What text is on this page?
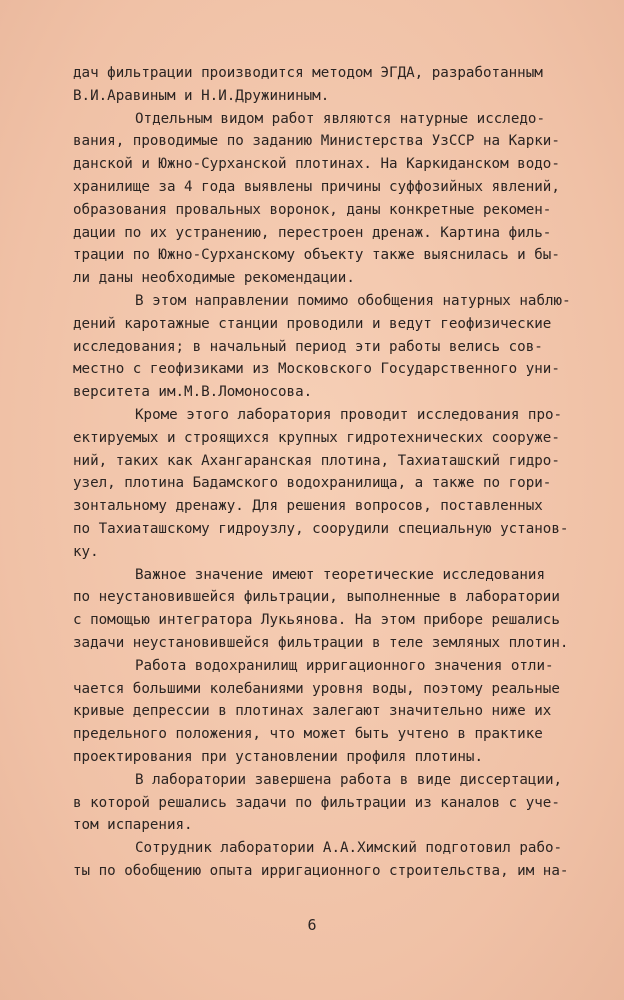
дач фильтрации производится методом ЭГДА, разработанным
В.И.Аравиным и Н.И.Дружининым.
Отдельным видом работ являются натурные исследо-
вания, проводимые по заданию Министерства УзССР на Карки-
данской и Южно-Сурханской плотинах. На Каркиданском водо-
хранилище за 4 года выявлены причины суффозийных явлений,
образования провальных воронок, даны конкретные рекомен-
дации по их устранению, перестроен дренаж. Картина филь-
трации по Южно-Сурханскому объекту также выяснилась и бы-
ли даны необходимые рекомендации.
В этом направлении помимо обобщения натурных наблю-
дений каротажные станции проводили и ведут геофизические
исследования; в начальный период эти работы велись сов-
местно с геофизиками из Московского Государственного уни-
верситета им.М.В.Ломоносова.
Кроме этого лаборатория проводит исследования про-
ектируемых и строящихся крупных гидротехнических сооруже-
ний, таких как Ахангаранская плотина, Тахиаташский гидро-
узел, плотина Бадамского водохранилища, а также по гори-
зонтальному дренажу. Для решения вопросов, поставленных
по Тахиаташскому гидроузлу, соорудили специальную установ-
ку.
Важное значение имеют теоретические исследования
по неустановившейся фильтрации, выполненные в лаборатории
с помощью интегратора Лукьянова. На этом приборе решались
задачи неустановившейся фильтрации в теле земляных плотин.
Работа водохранилищ ирригационного значения отли-
чается большими колебаниями уровня воды, поэтому реальные
кривые депрессии в плотинах залегают значительно ниже их
предельного положения, что может быть учтено в практике
проектирования при установлении профиля плотины.
В лаборатории завершена работа в виде диссертации,
в которой решались задачи по фильтрации из каналов с уче-
том испарения.
Сотрудник лаборатории А.А.Химский подготовил рабо-
ты по обобщению опыта ирригационного строительства, им на-
6
